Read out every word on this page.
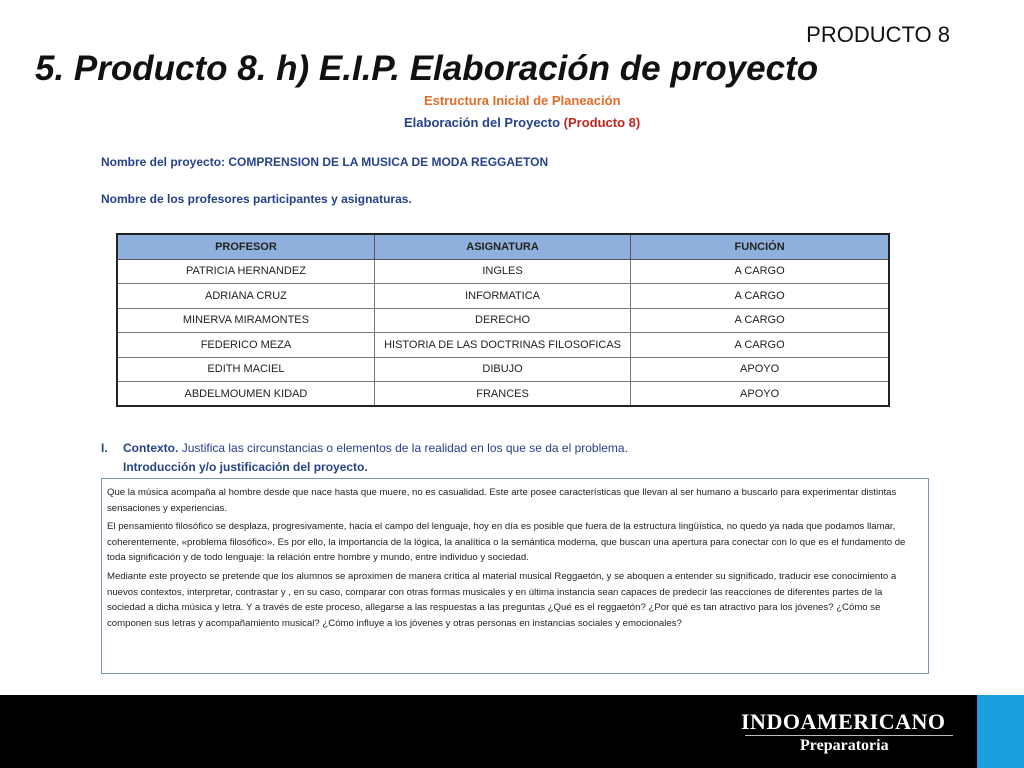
PRODUCTO 8
5. Producto 8. h) E.I.P. Elaboración de proyecto
Estructura Inicial de Planeación
Elaboración del Proyecto (Producto 8)
Nombre del proyecto: COMPRENSION DE LA MUSICA DE MODA REGGAETON
Nombre de los profesores participantes y asignaturas.
PROFESOR	ASIGNATURA	FUNCIÓN
PATRICIA HERNANDEZ	INGLES	A CARGO
ADRIANA CRUZ	INFORMATICA	A CARGO
MINERVA MIRAMONTES	DERECHO	A CARGO
FEDERICO MEZA	HISTORIA DE LAS DOCTRINAS FILOSOFICAS	A CARGO
EDITH MACIEL	DIBUJO	APOYO
ABDELMOUMEN KIDAD	FRANCES	APOYO
I. Contexto. Justifica las circunstancias o elementos de la realidad en los que se da el problema.
Introducción y/o justificación del proyecto.

Que la música acompaña al hombre desde que nace hasta que muere, no es casualidad. Este arte posee características que llevan al ser humano a buscarlo para experimentar distintas sensaciones y experiencias.

El pensamiento filosófico se desplaza, progresivamente, hacia el campo del lenguaje, hoy en día es posible que fuera de la estructura lingüística, no quedo ya nada que podamos llamar, coherentemente, «problema filosófico». Es por ello, la importancia de la lógica, la analítica o la semántica moderna, que buscan una apertura para conectar con lo que es el fundamento de toda significación y de todo lenguaje: la relación entre hombre y mundo, entre individuo y sociedad.

Mediante este proyecto se pretende que los alumnos se aproximen de manera crítica al material musical Reggaetón, y se aboquen a entender su significado, traducir ese conocimiento a nuevos contextos, interpretar, contrastar y , en su caso, comparar con otras formas musicales y en última instancia sean capaces de predecir las reacciones de diferentes partes de la sociedad a dicha música y letra. Y a través de este proceso, allegarse a las respuestas a las preguntas ¿Qué es el reggaetón? ¿Por qué es tan atractivo para los jóvenes? ¿Cómo se componen sus letras y acompañamiento musical? ¿Cómo influye a los jóvenes y otras personas en instancias sociales y emocionales?

INDOAMERICANO
Preparatoria
